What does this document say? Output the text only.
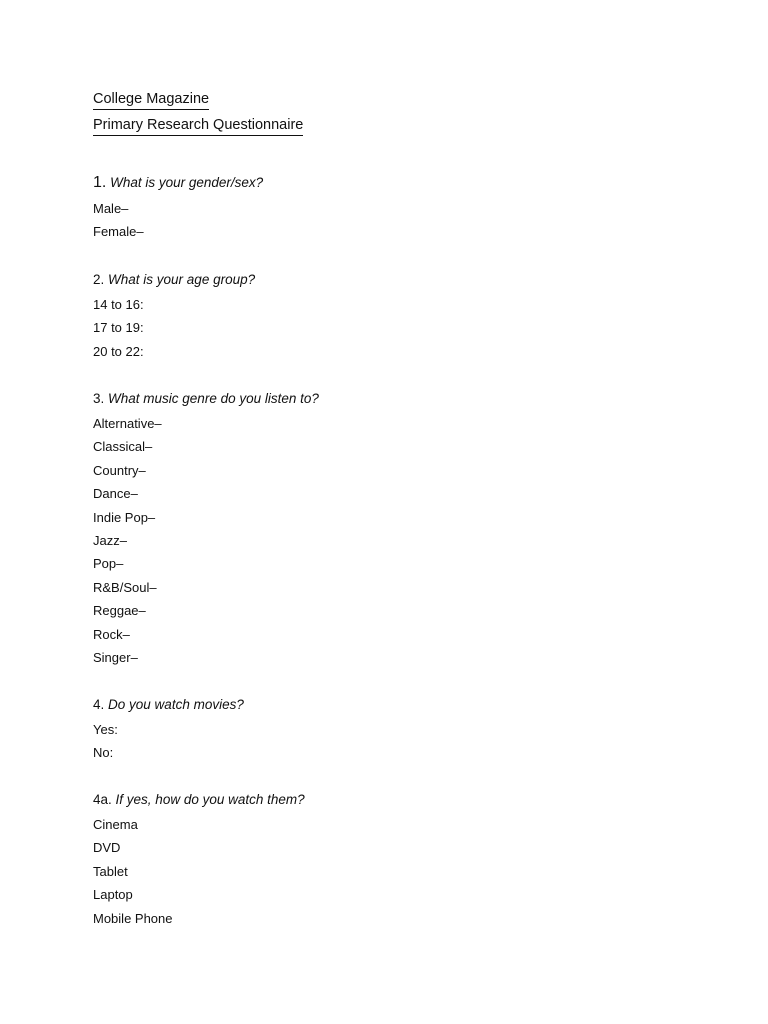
College Magazine
Primary Research Questionnaire
1. What is your gender/sex?
Male–
Female–
2. What is your age group?
14 to 16:
17 to 19:
20 to 22:
3. What music genre do you listen to?
Alternative–
Classical–
Country–
Dance–
Indie Pop–
Jazz–
Pop–
R&B/Soul–
Reggae–
Rock–
Singer–
4. Do you watch movies?
Yes:
No:
4a. If yes, how do you watch them?
Cinema
DVD
Tablet
Laptop
Mobile Phone
